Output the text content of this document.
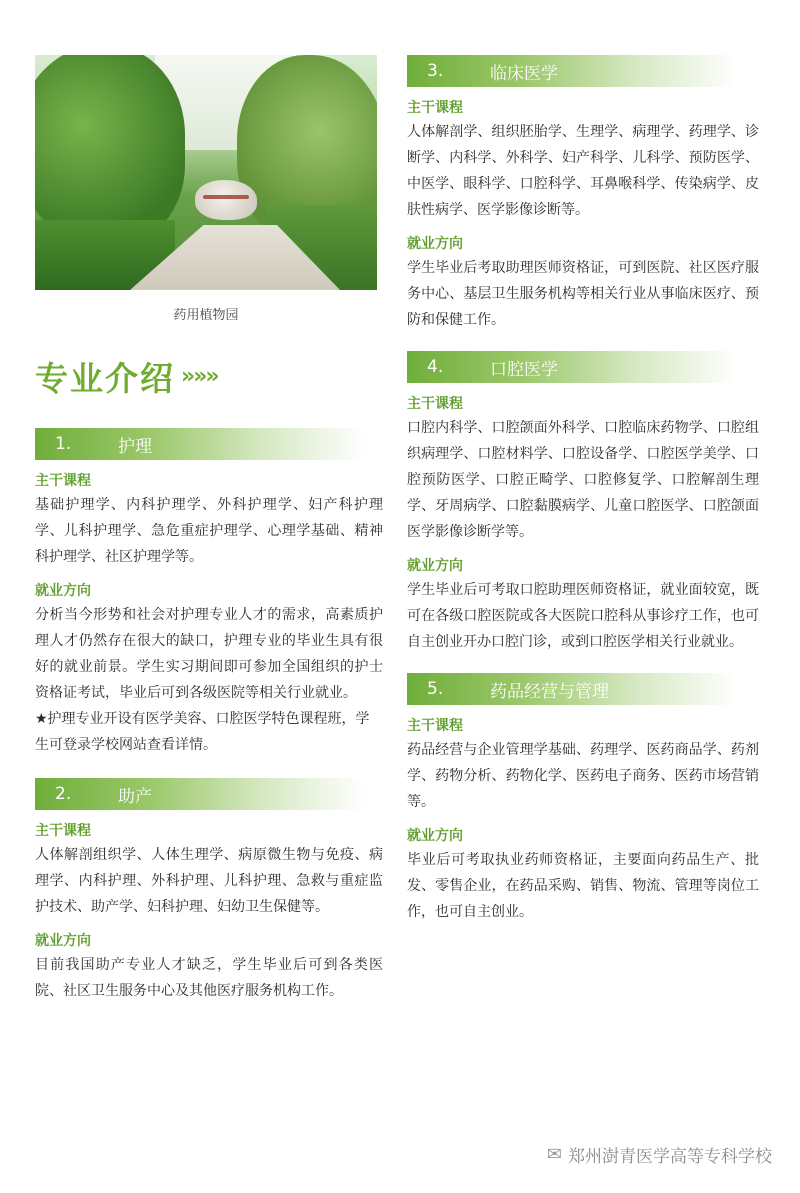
药用植物园
专业介绍 »»»
1.	护理
主干课程

基础护理学、内科护理学、外科护理学、妇产科护理学、儿科护理学、急危重症护理学、心理学基础、精神科护理学、社区护理学等。

就业方向

分析当今形势和社会对护理专业人才的需求，高素质护理人才仍然存在很大的缺口，护理专业的毕业生具有很好的就业前景。学生实习期间即可参加全国组织的护士资格证考试，毕业后可到各级医院等相关行业就业。

★护理专业开设有医学美容、口腔医学特色课程班，学生可登录学校网站查看详情。

2.	助产
主干课程

人体解剖组织学、人体生理学、病原微生物与免疫、病理学、内科护理、外科护理、儿科护理、急救与重症监护技术、助产学、妇科护理、妇幼卫生保健等。

就业方向

目前我国助产专业人才缺乏，学生毕业后可到各类医院、社区卫生服务中心及其他医疗服务机构工作。

3.	临床医学
主干课程

人体解剖学、组织胚胎学、生理学、病理学、药理学、诊断学、内科学、外科学、妇产科学、儿科学、预防医学、中医学、眼科学、口腔科学、耳鼻喉科学、传染病学、皮肤性病学、医学影像诊断等。

就业方向

学生毕业后考取助理医师资格证，可到医院、社区医疗服务中心、基层卫生服务机构等相关行业从事临床医疗、预防和保健工作。

4.	口腔医学
主干课程

口腔内科学、口腔颌面外科学、口腔临床药物学、口腔组织病理学、口腔材料学、口腔设备学、口腔医学美学、口腔预防医学、口腔正畸学、口腔修复学、口腔解剖生理学、牙周病学、口腔黏膜病学、儿童口腔医学、口腔颌面医学影像诊断学等。

就业方向

学生毕业后可考取口腔助理医师资格证，就业面较宽，既可在各级口腔医院或各大医院口腔科从事诊疗工作，也可自主创业开办口腔门诊，或到口腔医学相关行业就业。

5.	药品经营与管理
主干课程

药品经营与企业管理学基础、药理学、医药商品学、药剂学、药物分析、药物化学、医药电子商务、医药市场营销等。

就业方向

毕业后可考取执业药师资格证，主要面向药品生产、批发、零售企业，在药品采购、销售、物流、管理等岗位工作，也可自主创业。

✉ 郑州澍青医学高等专科学校
